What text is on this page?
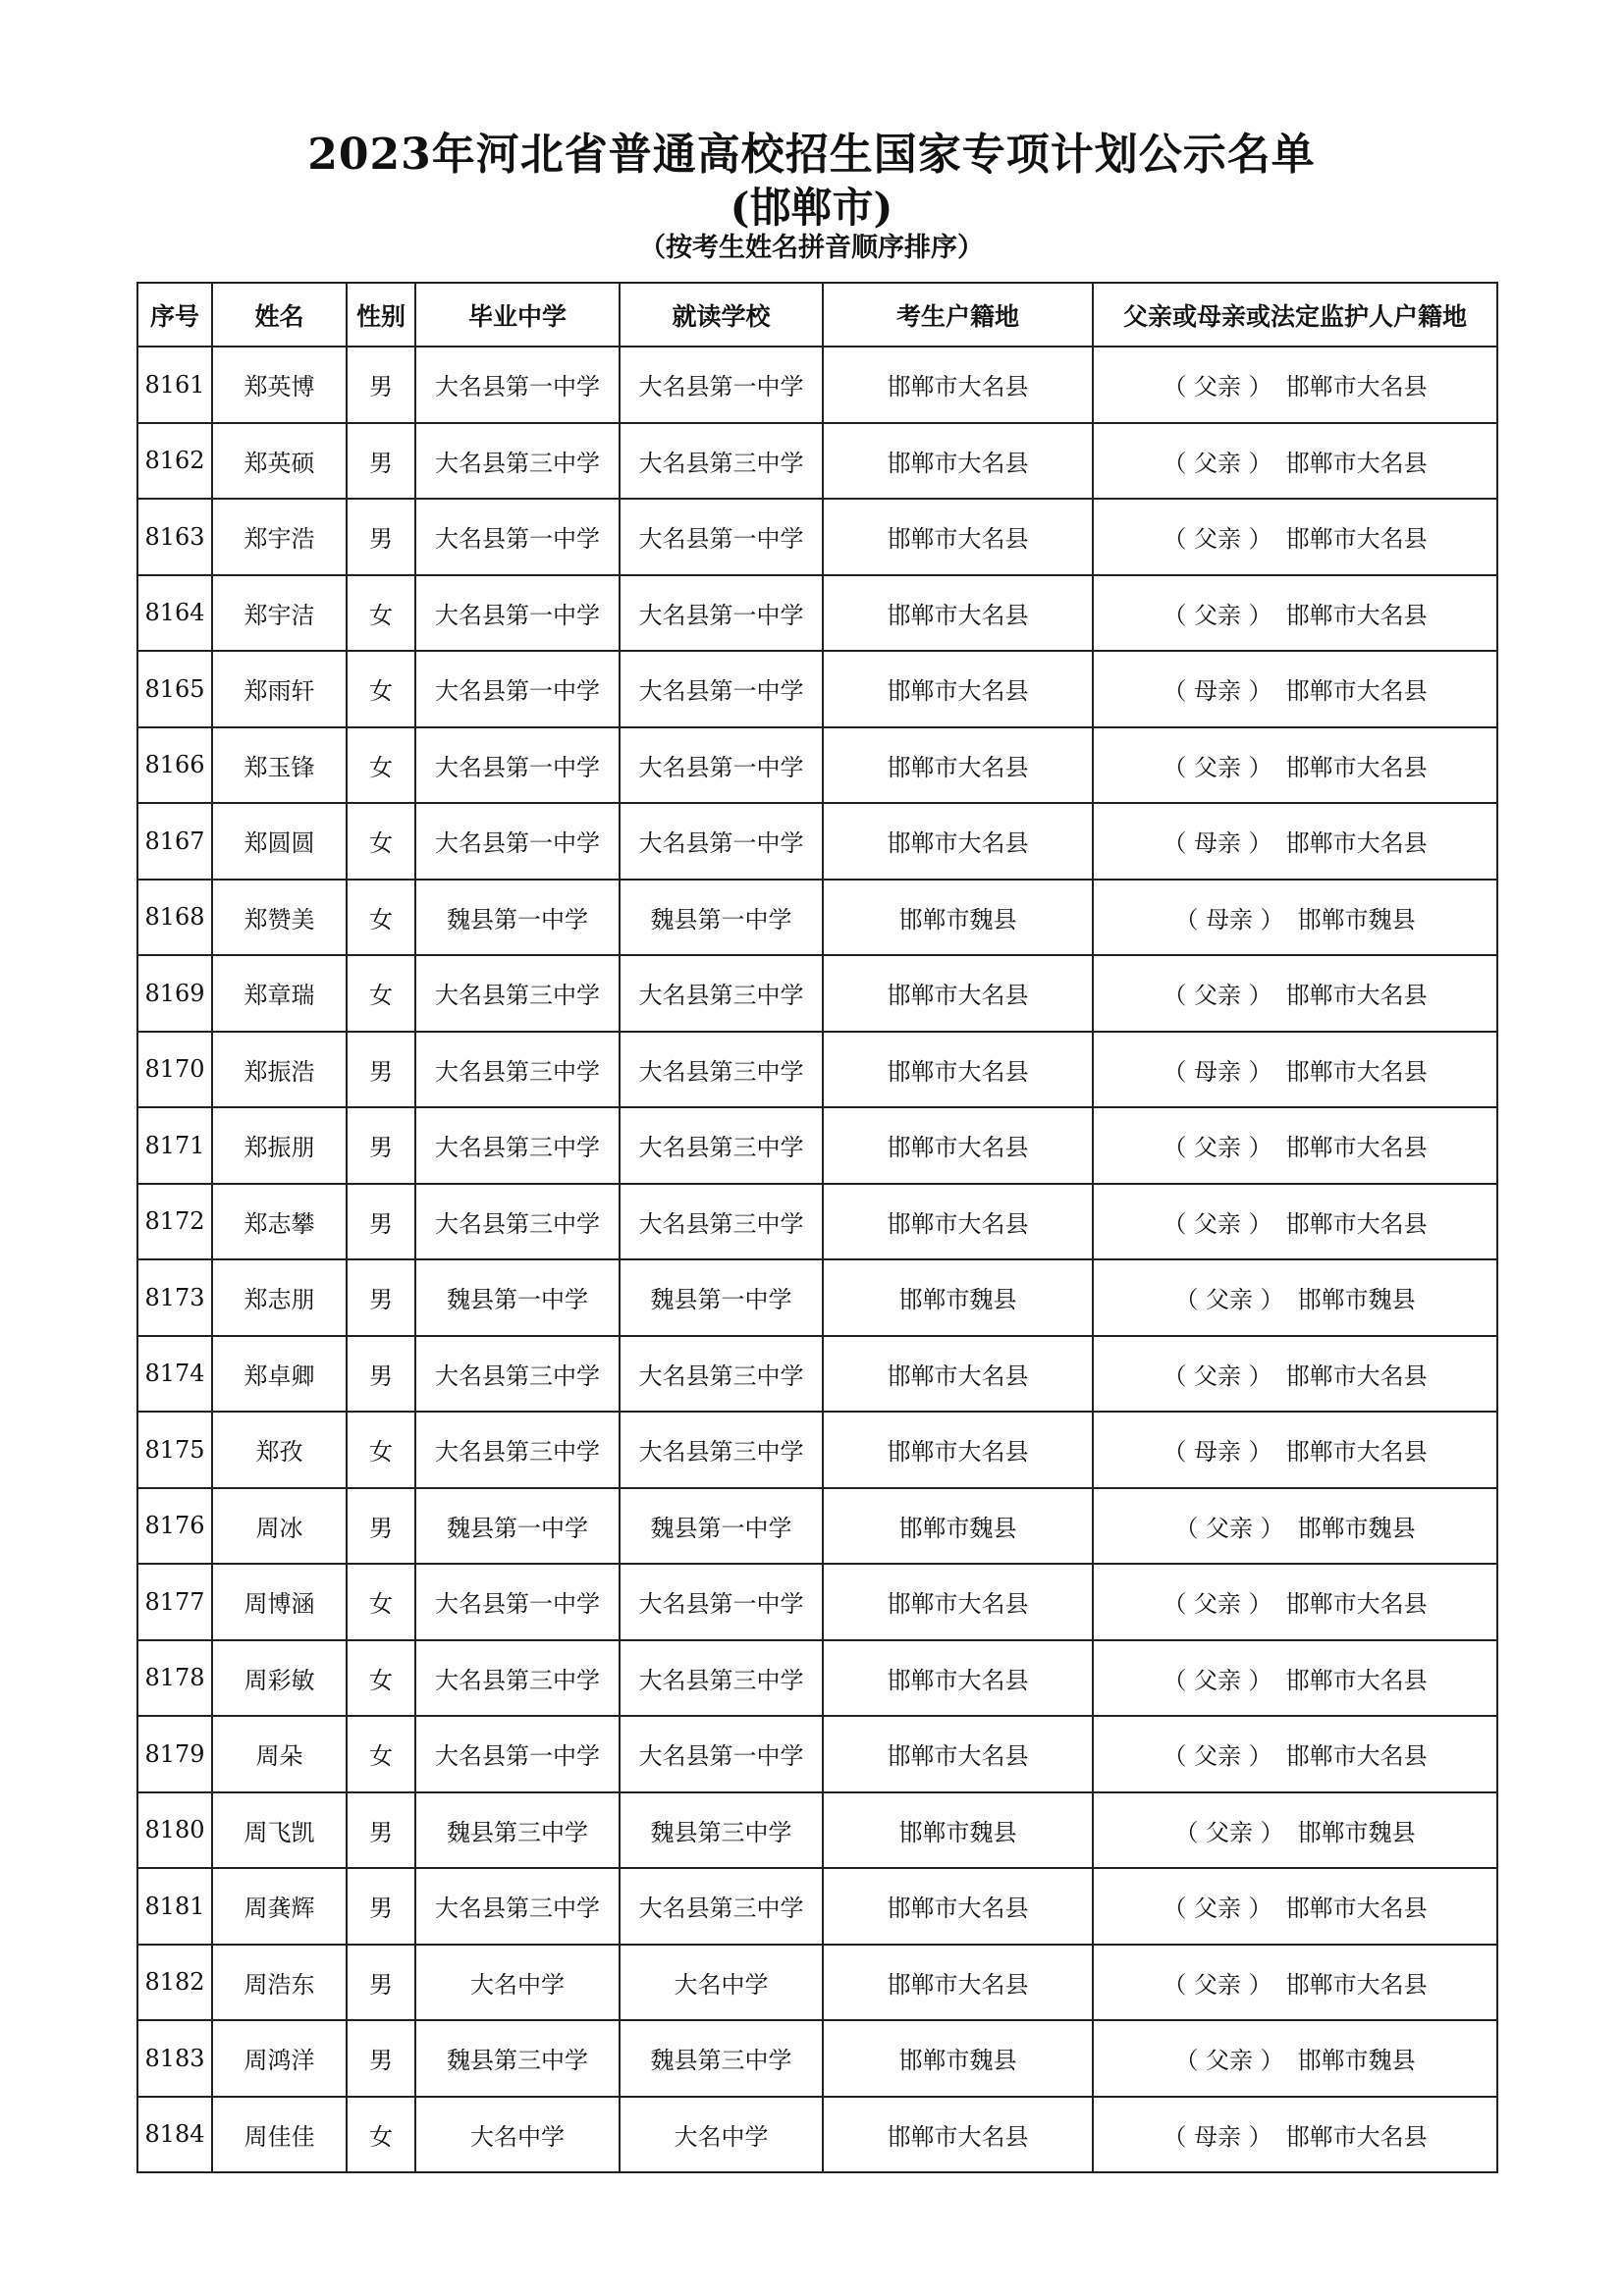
2023年河北省普通高校招生国家专项计划公示名单
(邯郸市)
（按考生姓名拼音顺序排序）
序号	姓名	性别	毕业中学	就读学校	考生户籍地	父亲或母亲或法定监护人户籍地
8161	郑英博	男	大名县第一中学	大名县第一中学	邯郸市大名县	（ 父亲 ） 邯郸市大名县
8162	郑英硕	男	大名县第三中学	大名县第三中学	邯郸市大名县	（ 父亲 ） 邯郸市大名县
8163	郑宇浩	男	大名县第一中学	大名县第一中学	邯郸市大名县	（ 父亲 ） 邯郸市大名县
8164	郑宇洁	女	大名县第一中学	大名县第一中学	邯郸市大名县	（ 父亲 ） 邯郸市大名县
8165	郑雨轩	女	大名县第一中学	大名县第一中学	邯郸市大名县	（ 母亲 ） 邯郸市大名县
8166	郑玉锋	女	大名县第一中学	大名县第一中学	邯郸市大名县	（ 父亲 ） 邯郸市大名县
8167	郑圆圆	女	大名县第一中学	大名县第一中学	邯郸市大名县	（ 母亲 ） 邯郸市大名县
8168	郑赞美	女	魏县第一中学	魏县第一中学	邯郸市魏县	（ 母亲 ） 邯郸市魏县
8169	郑章瑞	女	大名县第三中学	大名县第三中学	邯郸市大名县	（ 父亲 ） 邯郸市大名县
8170	郑振浩	男	大名县第三中学	大名县第三中学	邯郸市大名县	（ 母亲 ） 邯郸市大名县
8171	郑振朋	男	大名县第三中学	大名县第三中学	邯郸市大名县	（ 父亲 ） 邯郸市大名县
8172	郑志攀	男	大名县第三中学	大名县第三中学	邯郸市大名县	（ 父亲 ） 邯郸市大名县
8173	郑志朋	男	魏县第一中学	魏县第一中学	邯郸市魏县	（ 父亲 ） 邯郸市魏县
8174	郑卓卿	男	大名县第三中学	大名县第三中学	邯郸市大名县	（ 父亲 ） 邯郸市大名县
8175	郑孜	女	大名县第三中学	大名县第三中学	邯郸市大名县	（ 母亲 ） 邯郸市大名县
8176	周冰	男	魏县第一中学	魏县第一中学	邯郸市魏县	（ 父亲 ） 邯郸市魏县
8177	周博涵	女	大名县第一中学	大名县第一中学	邯郸市大名县	（ 父亲 ） 邯郸市大名县
8178	周彩敏	女	大名县第三中学	大名县第三中学	邯郸市大名县	（ 父亲 ） 邯郸市大名县
8179	周朵	女	大名县第一中学	大名县第一中学	邯郸市大名县	（ 父亲 ） 邯郸市大名县
8180	周飞凯	男	魏县第三中学	魏县第三中学	邯郸市魏县	（ 父亲 ） 邯郸市魏县
8181	周龚辉	男	大名县第三中学	大名县第三中学	邯郸市大名县	（ 父亲 ） 邯郸市大名县
8182	周浩东	男	大名中学	大名中学	邯郸市大名县	（ 父亲 ） 邯郸市大名县
8183	周鸿洋	男	魏县第三中学	魏县第三中学	邯郸市魏县	（ 父亲 ） 邯郸市魏县
8184	周佳佳	女	大名中学	大名中学	邯郸市大名县	（ 母亲 ） 邯郸市大名县
